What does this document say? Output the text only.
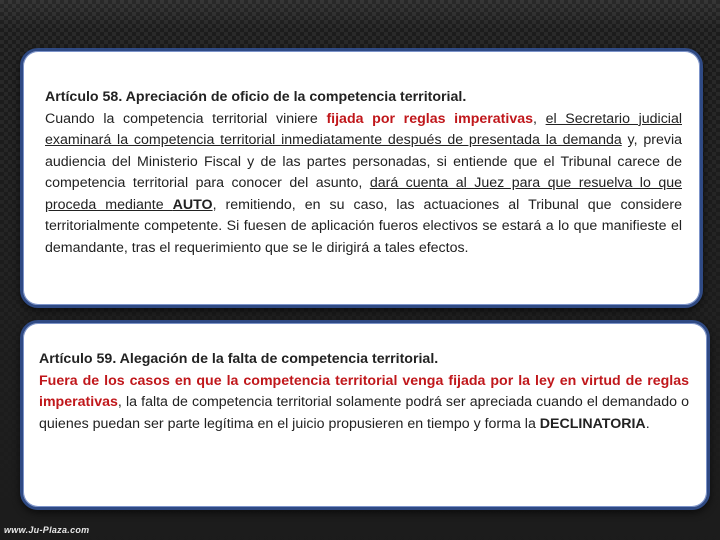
Artículo 58. Apreciación de oficio de la competencia territorial.
Cuando la competencia territorial viniere fijada por reglas imperativas, el Secretario judicial examinará la competencia territorial inmediatamente después de presentada la demanda y, previa audiencia del Ministerio Fiscal y de las partes personadas, si entiende que el Tribunal carece de competencia territorial para conocer del asunto, dará cuenta al Juez para que resuelva lo que proceda mediante AUTO, remitiendo, en su caso, las actuaciones al Tribunal que considere territorialmente competente. Si fuesen de aplicación fueros electivos se estará a lo que manifieste el demandante, tras el requerimiento que se le dirigirá a tales efectos.

Artículo 59. Alegación de la falta de competencia territorial.
Fuera de los casos en que la competencia territorial venga fijada por la ley en virtud de reglas imperativas, la falta de competencia territorial solamente podrá ser apreciada cuando el demandado o quienes puedan ser parte legítima en el juicio propusieren en tiempo y forma la DECLINATORIA.

www.Ju-Plaza.com
